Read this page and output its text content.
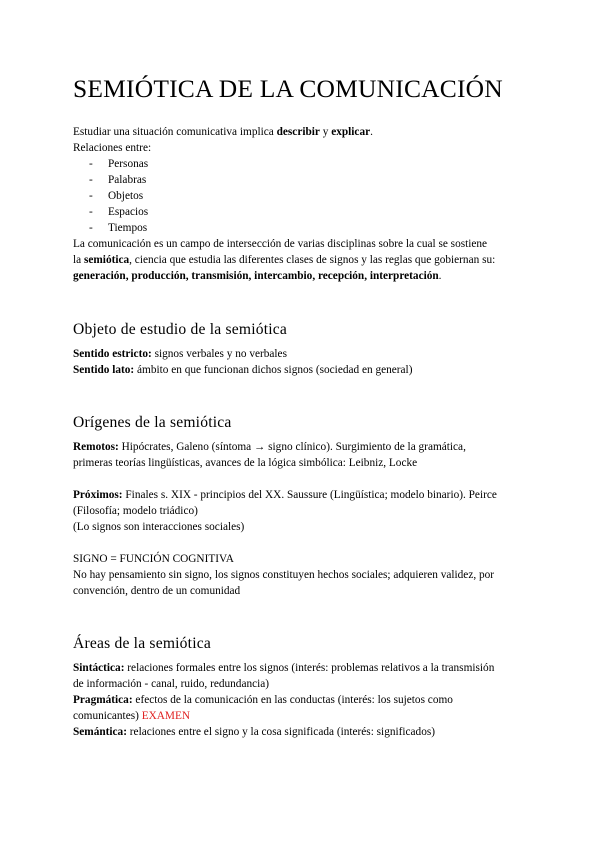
SEMIÓTICA DE LA COMUNICACIÓN

Estudiar una situación comunicativa implica describir y explicar.

Relaciones entre:

- Personas
- Palabras
- Objetos
- Espacios
- Tiempos

La comunicación es un campo de intersección de varias disciplinas sobre la cual se sostiene

la semiótica, ciencia que estudia las diferentes clases de signos y las reglas que gobiernan su:

generación, producción, transmisión, intercambio, recepción, interpretación.

Objeto de estudio de la semiótica

Sentido estricto: signos verbales y no verbales

Sentido lato: ámbito en que funcionan dichos signos (sociedad en general)

Orígenes de la semiótica

Remotos: Hipócrates, Galeno (síntoma → signo clínico). Surgimiento de la gramática,

primeras teorías lingüísticas, avances de la lógica simbólica: Leibniz, Locke

Próximos: Finales s. XIX - principios del XX. Saussure (Lingüística; modelo binario). Peirce

(Filosofía; modelo triádico)

(Lo signos son interacciones sociales)

SIGNO = FUNCIÓN COGNITIVA

No hay pensamiento sin signo, los signos constituyen hechos sociales; adquieren validez, por

convención, dentro de un comunidad

Áreas de la semiótica

Sintáctica: relaciones formales entre los signos (interés: problemas relativos a la transmisión

de información - canal, ruido, redundancia)

Pragmática: efectos de la comunicación en las conductas (interés: los sujetos como

comunicantes) EXAMEN

Semántica: relaciones entre el signo y la cosa significada (interés: significados)
